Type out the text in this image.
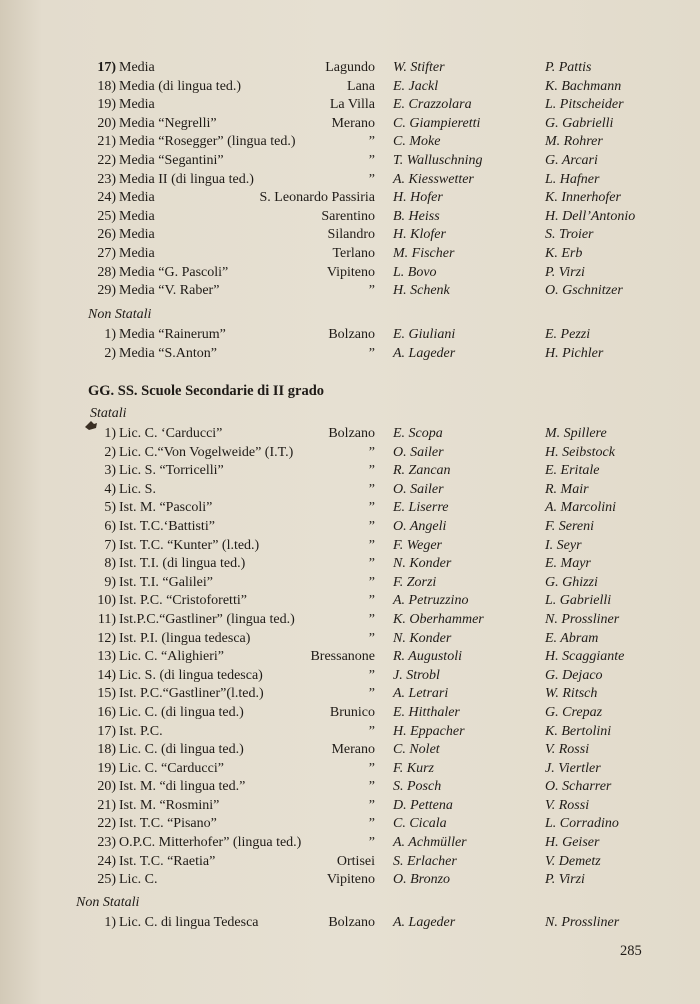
17) Media	Lagundo W. Stifter	P. Pattis
18) Media (di lingua ted.)	Lana E. Jackl	K. Bachmann
19) Media	La Villa E. Crazzolara	L. Pitscheider
20) Media “Negrelli”	Merano C. Giampieretti	G. Gabrielli
21) Media “Rosegger” (lingua ted.)	” C. Moke	M. Rohrer
22) Media “Segantini”	” T. Walluschning	G. Arcari
23) Media II (di lingua ted.)	” A. Kiesswetter	L. Hafner
24) Media	S. Leonardo Passiria H. Hofer	K. Innerhofer
25) Media	Sarentino B. Heiss	H. Dell’Antonio
26) Media	Silandro H. Klofer	S. Troier
27) Media	Terlano M. Fischer	K. Erb
28) Media “G. Pascoli”	Vipiteno L. Bovo	P. Virzi
29) Media “V. Raber”	” H. Schenk	O. Gschnitzer
Non Statali
1) Media “Rainerum”	Bolzano E. Giuliani	E. Pezzi
2) Media “S.Anton”	” A. Lageder	H. Pichler
GG. SS. Scuole Secondarie di II grado
Statali
1) Lic. C. ‘Carducci”	Bolzano E. Scopa	M. Spillere
2) Lic. C.“Von Vogelweide” (I.T.)	” O. Sailer	H. Seibstock
3) Lic. S. “Torricelli”	” R. Zancan	E. Eritale
4) Lic. S.	” O. Sailer	R. Mair
5) Ist. M. “Pascoli”	” E. Liserre	A. Marcolini
6) Ist. T.C.‘Battisti”	” O. Angeli	F. Sereni
7) Ist. T.C. “Kunter” (l.ted.)	” F. Weger	I. Seyr
8) Ist. T.I. (di lingua ted.)	” N. Konder	E. Mayr
9) Ist. T.I. “Galilei”	” F. Zorzi	G. Ghizzi
10) Ist. P.C. “Cristoforetti”	” A. Petruzzino	L. Gabrielli
11) Ist.P.C.“Gastliner” (lingua ted.)	” K. Oberhammer	N. Prossliner
12) Ist. P.I. (lingua tedesca)	” N. Konder	E. Abram
13) Lic. C. “Alighieri”	Bressanone R. Augustoli	H. Scaggiante
14) Lic. S. (di lingua tedesca)	” J. Strobl	G. Dejaco
15) Ist. P.C.“Gastliner”(l.ted.)	” A. Letrari	W. Ritsch
16) Lic. C. (di lingua ted.)	Brunico E. Hitthaler	G. Crepaz
17) Ist. P.C.	” H. Eppacher	K. Bertolini
18) Lic. C. (di lingua ted.)	Merano C. Nolet	V. Rossi
19) Lic. C. “Carducci”	” F. Kurz	J. Viertler
20) Ist. M. “di lingua ted.”	” S. Posch	O. Scharrer
21) Ist. M. “Rosmini”	” D. Pettena	V. Rossi
22) Ist. T.C. “Pisano”	” C. Cicala	L. Corradino
23) O.P.C. Mitterhofer” (lingua ted.)	” A. Achmüller	H. Geiser
24) Ist. T.C. “Raetia”	Ortisei S. Erlacher	V. Demetz
25) Lic. C.	Vipiteno O. Bronzo	P. Virzi
Non Statali
1) Lic. C. di lingua Tedesca	Bolzano A. Lageder	N. Prossliner
285
